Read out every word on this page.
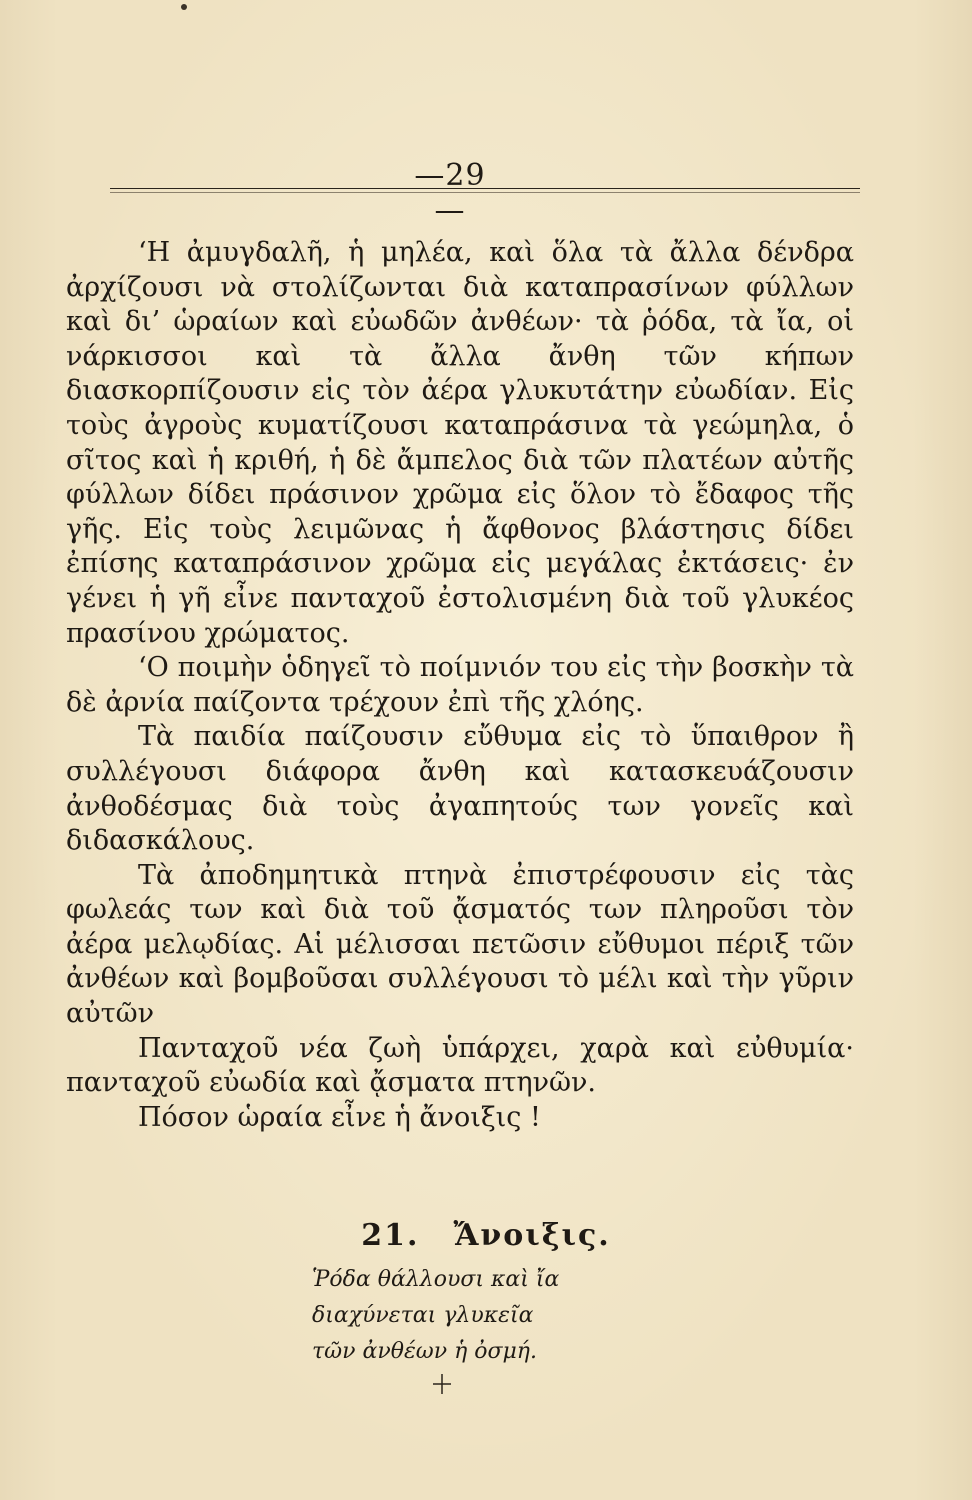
—29—

‘Η ἀμυγδαλῆ, ἡ μηλέα, καὶ ὅλα τὰ ἄλλα δένδρα ἀρχίζουσι νὰ στολίζωνται διὰ καταπρασίνων φύλλων καὶ δι’ ὡραίων καὶ εὐωδῶν ἀνθέων· τὰ ῥόδα, τὰ ἴα, οἱ νάρκισσοι καὶ τὰ ἄλλα ἄνθη τῶν κήπων διασκορπίζουσιν εἰς τὸν ἀέρα γλυκυτάτην εὐωδίαν. Εἰς τοὺς ἀγροὺς κυματίζουσι καταπράσινα τὰ γεώμηλα, ὁ σῖτος καὶ ἡ κριθή, ἡ δὲ ἄμπελος διὰ τῶν πλατέων αὐτῆς φύλλων δίδει πράσινον χρῶμα εἰς ὅλον τὸ ἔδαφος τῆς γῆς. Εἰς τοὺς λειμῶνας ἡ ἄφθονος βλάστησις δίδει ἐπίσης καταπράσινον χρῶμα εἰς μεγάλας ἐκτάσεις· ἐν γένει ἡ γῆ εἶνε πανταχοῦ ἐστολισμένη διὰ τοῦ γλυκέος πρασίνου χρώματος.

‘Ο ποιμὴν ὁδηγεῖ τὸ ποίμνιόν του εἰς τὴν βοσκὴν τὰ δὲ ἀρνία παίζοντα τρέχουν ἐπὶ τῆς χλόης.

Τὰ παιδία παίζουσιν εὔθυμα εἰς τὸ ὕπαιθρον ἢ συλλέγουσι διάφορα ἄνθη καὶ κατασκευάζουσιν ἀνθοδέσμας διὰ τοὺς ἀγαπητούς των γονεῖς καὶ διδασκάλους.

Τὰ ἀποδημητικὰ πτηνὰ ἐπιστρέφουσιν εἰς τὰς φωλεάς των καὶ διὰ τοῦ ᾄσματός των πληροῦσι τὸν ἀέρα μελῳδίας. Αἱ μέλισσαι πετῶσιν εὔθυμοι πέριξ τῶν ἀνθέων καὶ βομβοῦσαι συλλέγουσι τὸ μέλι καὶ τὴν γῦριν αὐτῶν

Πανταχοῦ νέα ζωὴ ὑπάρχει, χαρὰ καὶ εὐθυμία· πανταχοῦ εὐωδία καὶ ᾄσματα πτηνῶν.

Πόσον ὡραία εἶνε ἡ ἄνοιξις !

21. Ἄνοιξις.
Ῥόδα θάλλουσι καὶ ἴα
διαχύνεται γλυκεῖα
τῶν ἀνθέων ἡ ὀσμή.
